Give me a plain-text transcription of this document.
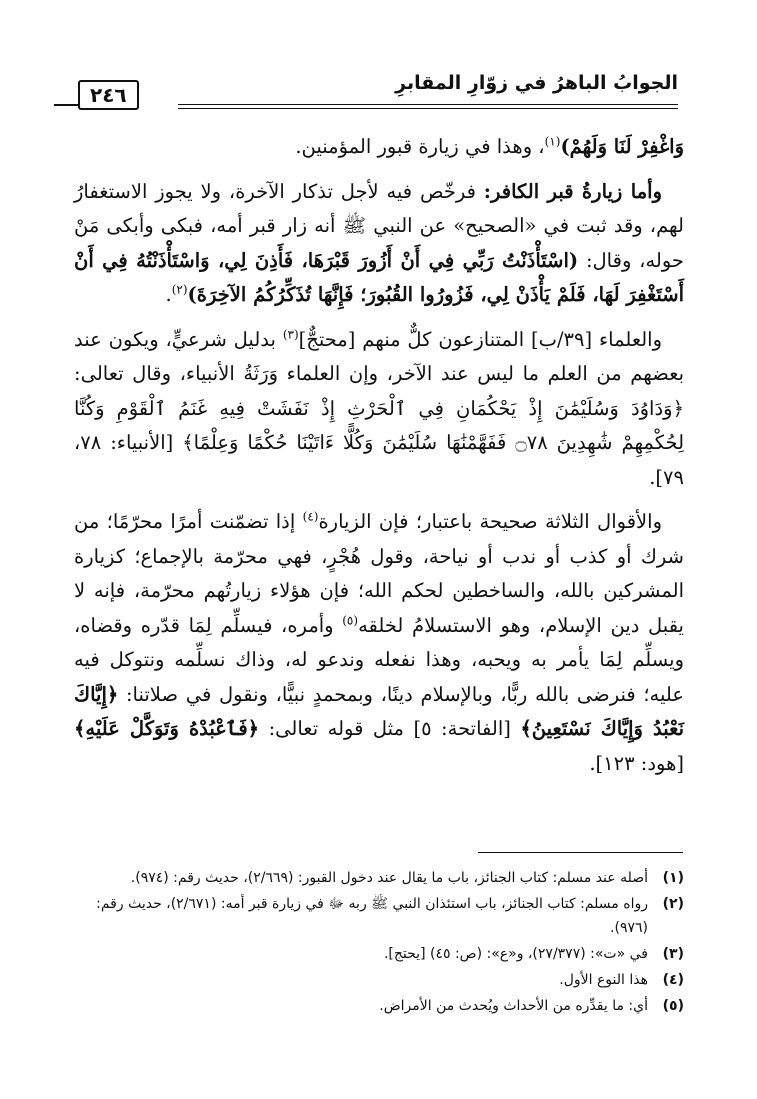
الجوابُ الباهرُ في زوّارِ المقابرِ
٢٤٦

وَاغْفِرْ لَنَا وَلَهُمْ)$^{(١)}$، وهذا في زيارة قبور المؤمنين.

وأما زيارةُ قبر الكافر: فرخّص فيه لأجل تذكار الآخرة، ولا يجوز الاستغفارُ لهم، وقد ثبت في «الصحيح» عن النبي ﷺ أنه زار قبر أمه، فبكى وأبكى مَنْ حوله، وقال: (اسْتَأْذَنْتُ رَبِّي فِي أَنْ أَزُورَ قَبْرَهَا، فَأَذِنَ لِي، وَاسْتَأْذَنْتُهُ فِي أَنْ أَسْتَغْفِرَ لَهَا، فَلَمْ يَأْذَنْ لِي، فَزُورُوا القُبُورَ؛ فَإِنَّهَا تُذَكِّرُكُمُ الآخِرَةَ)$^{(٢)}$.

والعلماء [٣٩/ب] المتنازعون كلٌّ منهم [محتجٌّ]$^{(٣)}$ بدليل شرعيٍّ، ويكون عند بعضهم من العلم ما ليس عند الآخر، وإن العلماء وَرَثَةُ الأنبياء، وقال تعالى: ﴿وَدَاوُدَ وَسُلَيْمَٰنَ إِذْ يَحْكُمَانِ فِي ٱلْحَرْثِ إِذْ نَفَشَتْ فِيهِ غَنَمُ ٱلْقَوْمِ وَكُنَّا لِحُكْمِهِمْ شَٰهِدِينَ ۝٧٨ فَفَهَّمْنَٰهَا سُلَيْمَٰنَ وَكُلًّا ءَاتَيْنَا حُكْمًا وَعِلْمًا﴾ [الأنبياء: ٧٨، ٧٩].

والأقوال الثلاثة صحيحة باعتبار؛ فإن الزيارة$^{(٤)}$ إذا تضمّنت أمرًا محرّمًا؛ من شرك أو كذب أو ندب أو نياحة، وقول هُجْرٍ، فهي محرّمة بالإجماع؛ كزيارة المشركين بالله، والساخطين لحكم الله؛ فإن هؤلاء زيارتُهم محرّمة، فإنه لا يقبل دين الإسلام، وهو الاستسلامُ لخلقه$^{(٥)}$ وأمره، فيسلِّم لِمَا قدّره وقضاه، ويسلِّم لِمَا يأمر به ويحبه، وهذا نفعله وندعو له، وذاك نسلِّمه ونتوكل فيه عليه؛ فنرضى بالله ربًّا، وبالإسلام دينًا، وبمحمدٍ نبيًّا، ونقول في صلاتنا: ﴿إِيَّاكَ نَعْبُدُ وَإِيَّاكَ نَسْتَعِينُ﴾ [الفاتحة: ٥] مثل قوله تعالى: ﴿فَٱعْبُدْهُ وَتَوَكَّلْ عَلَيْهِ﴾ [هود: ١٢٣].

(١)
أصله عند مسلم: كتاب الجنائز، باب ما يقال عند دخول القبور: (٢/٦٦٩)، حديث رقم: (٩٧٤).
(٢)
رواه مسلم: كتاب الجنائز، باب استئذان النبي ﷺ ربه ﷻ في زيارة قبر أمه: (٢/٦٧١)، حديث رقم: (٩٧٦).
(٣)
في «ت»: (٢٧/٣٧٧)، و«ع»: (ص: ٤٥) [يحتج].
(٤)
هذا النوع الأول.
(٥)
أي: ما يقدِّره من الأحداث ويُحدث من الأمراض.
